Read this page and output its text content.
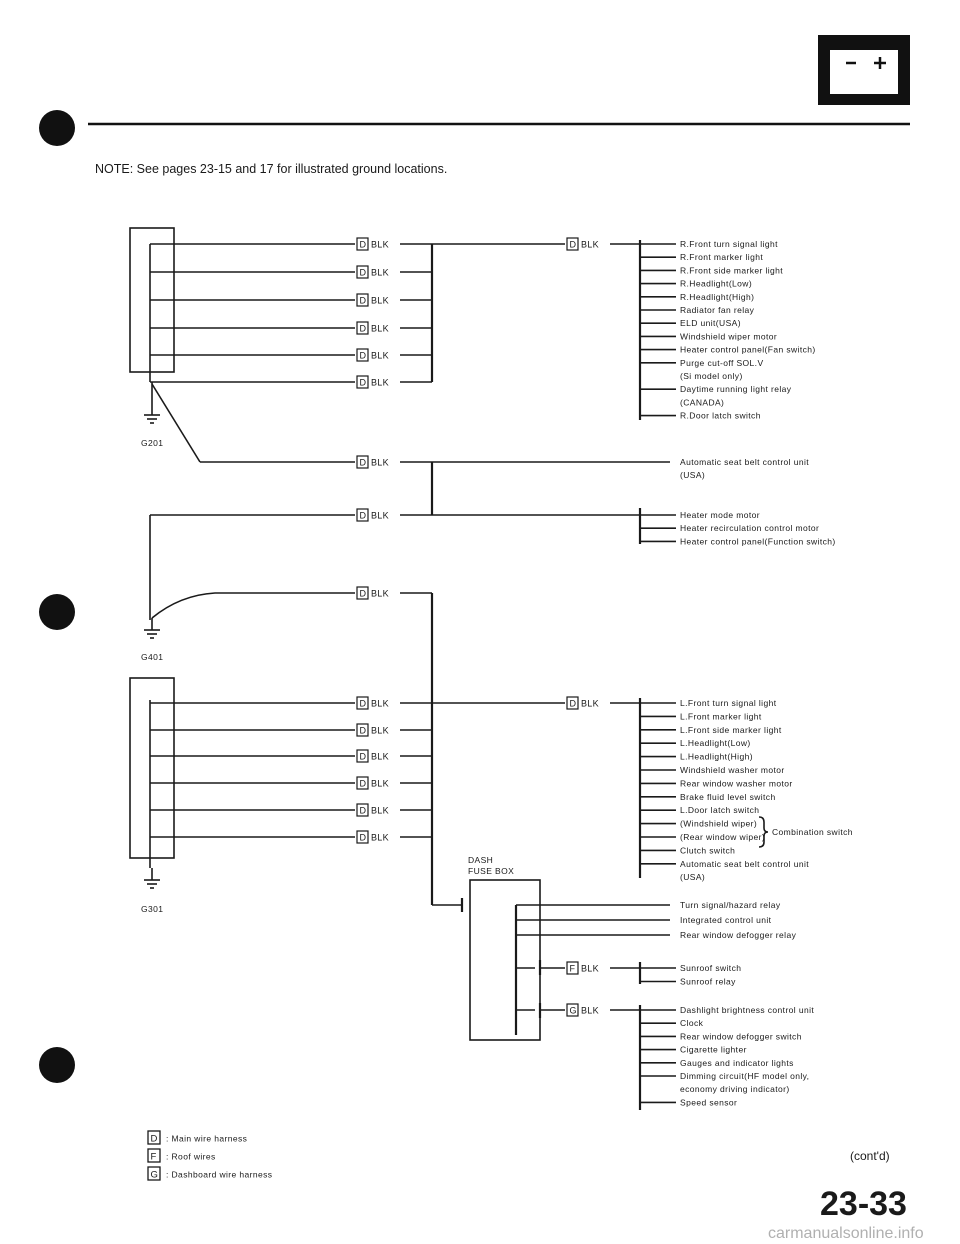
NOTE: See pages 23-15 and 17 for illustrated ground locations.
D BLK
D BLK
D BLK
D BLK
D BLK
D BLK
D BLK
D BLK
D BLK
D BLK
D BLK
D BLK
D BLK
D BLK
D BLK
D BLK
D BLK
F BLK
G BLK
G201
G401
G301
DASH
FUSE BOX
R.Front turn signal light
R.Front marker light
R.Front side marker light
R.Headlight(Low)
R.Headlight(High)
Radiator fan relay
ELD unit(USA)
Windshield wiper motor
Heater control panel(Fan switch)
Purge cut-off SOL.V
(Si model only)
Daytime running light relay
(CANADA)
R.Door latch switch
Automatic seat belt control unit
(USA)
Heater mode motor
Heater recirculation control motor
Heater control panel(Function switch)
L.Front turn signal light
L.Front marker light
L.Front side marker light
L.Headlight(Low)
L.Headlight(High)
Windshield washer motor
Rear window washer motor
Brake fluid level switch
L.Door latch switch
(Windshield wiper)
(Rear window wiper)
Clutch switch
Automatic seat belt control unit
(USA)
Turn signal/hazard relay
Integrated control unit
Rear window defogger relay
Sunroof switch
Sunroof relay
Dashlight brightness control unit
Clock
Rear window defogger switch
Cigarette lighter
Gauges and indicator lights
Dimming circuit(HF model only,
economy driving indicator)
Speed sensor
Combination switch
D : Main wire harness
F : Roof wires
G : Dashboard wire harness
(cont'd)
23-33
carmanualsonline.info
